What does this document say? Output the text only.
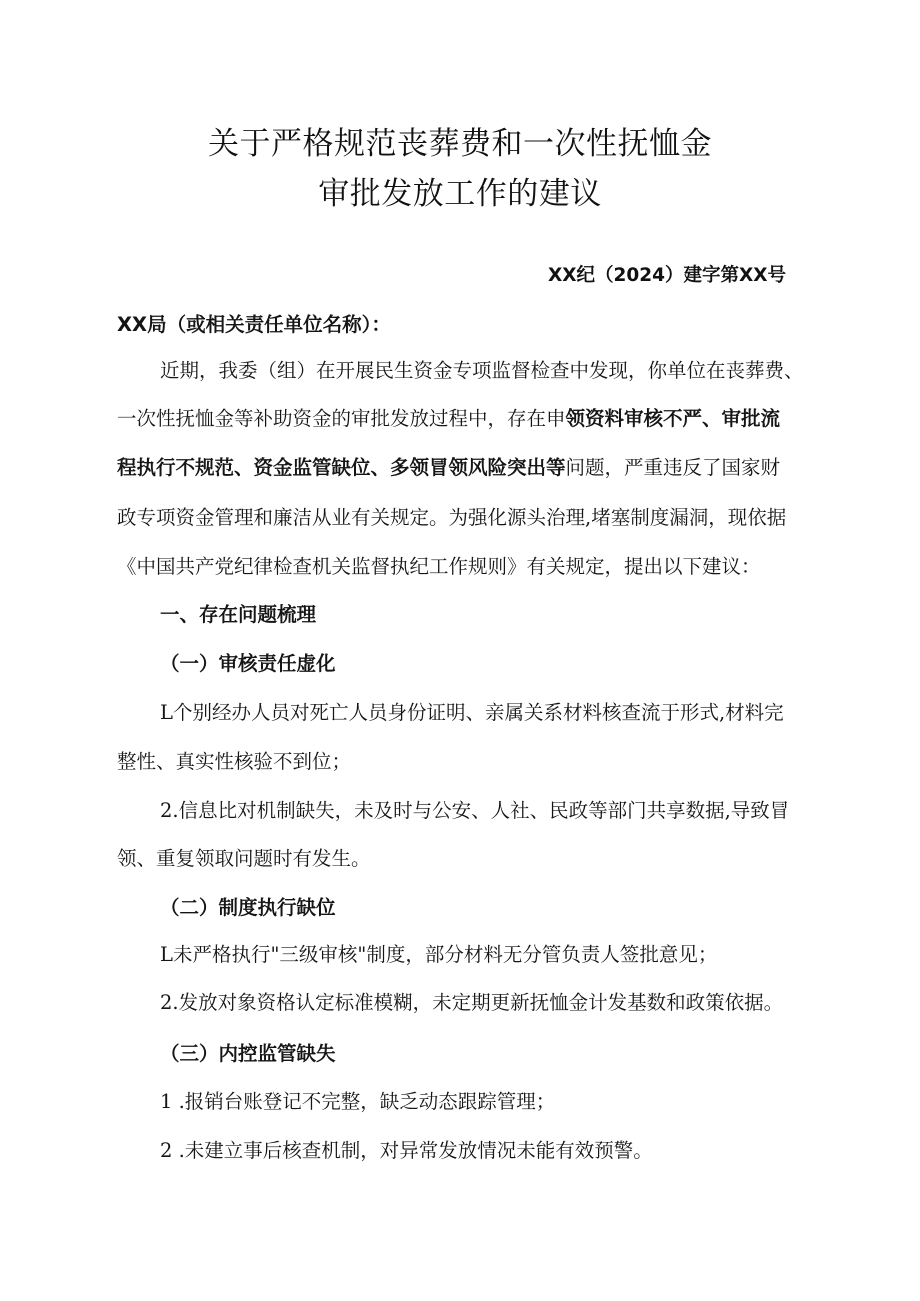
关于严格规范丧葬费和一次性抚恤金
审批发放工作的建议
XX纪（2024）建字第XX号
XX局（或相关责任单位名称）：
近期，我委（组）在开展民生资金专项监督检查中发现，你单位在丧葬费、
一次性抚恤金等补助资金的审批发放过程中，存在申领资料审核不严、审批流
程执行不规范、资金监管缺位、多领冒领风险突出等问题，严重违反了国家财
政专项资金管理和廉洁从业有关规定。为强化源头治理,堵塞制度漏洞，现依据
《中国共产党纪律检查机关监督执纪工作规则》有关规定，提出以下建议：
一、存在问题梳理
（一）审核责任虚化
L个别经办人员对死亡人员身份证明、亲属关系材料核查流于形式,材料完
整性、真实性核验不到位；
2.信息比对机制缺失，未及时与公安、人社、民政等部门共享数据,导致冒
领、重复领取问题时有发生。
（二）制度执行缺位
L未严格执行"三级审核"制度，部分材料无分管负责人签批意见；
2.发放对象资格认定标准模糊，未定期更新抚恤金计发基数和政策依据。
（三）内控监管缺失
1 .报销台账登记不完整，缺乏动态跟踪管理；
2 .未建立事后核查机制，对异常发放情况未能有效预警。
